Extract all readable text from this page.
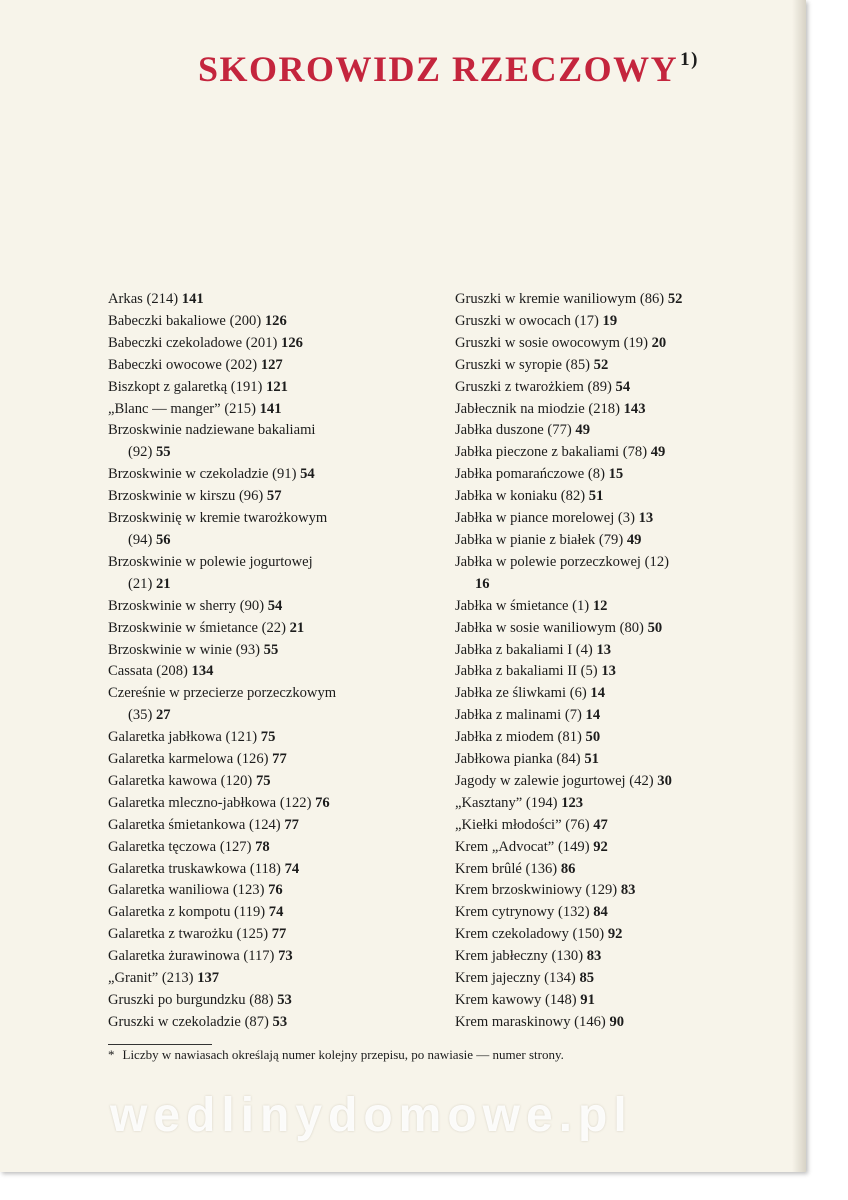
SKOROWIDZ RZECZOWY $^{1)}$
Arkas (214) 141
Babeczki bakaliowe (200) 126
Babeczki czekoladowe (201) 126
Babeczki owocowe (202) 127
Biszkopt z galaretką (191) 121
„Blanc — manger” (215) 141
Brzoskwinie nadziewane bakaliami
(92) 55
Brzoskwinie w czekoladzie (91) 54
Brzoskwinie w kirszu (96) 57
Brzoskwinię w kremie twarożkowym
(94) 56
Brzoskwinie w polewie jogurtowej
(21) 21
Brzoskwinie w sherry (90) 54
Brzoskwinie w śmietance (22) 21
Brzoskwinie w winie (93) 55
Cassata (208) 134
Czereśnie w przecierze porzeczkowym
(35) 27
Galaretka jabłkowa (121) 75
Galaretka karmelowa (126) 77
Galaretka kawowa (120) 75
Galaretka mleczno-jabłkowa (122) 76
Galaretka śmietankowa (124) 77
Galaretka tęczowa (127) 78
Galaretka truskawkowa (118) 74
Galaretka waniliowa (123) 76
Galaretka z kompotu (119) 74
Galaretka z twarożku (125) 77
Galaretka żurawinowa (117) 73
„Granit” (213) 137
Gruszki po burgundzku (88) 53
Gruszki w czekoladzie (87) 53
Gruszki w kremie waniliowym (86) 52
Gruszki w owocach (17) 19
Gruszki w sosie owocowym (19) 20
Gruszki w syropie (85) 52
Gruszki z twarożkiem (89) 54
Jabłecznik na miodzie (218) 143
Jabłka duszone (77) 49
Jabłka pieczone z bakaliami (78) 49
Jabłka pomarańczowe (8) 15
Jabłka w koniaku (82) 51
Jabłka w piance morelowej (3) 13
Jabłka w pianie z białek (79) 49
Jabłka w polewie porzeczkowej (12)
16
Jabłka w śmietance (1) 12
Jabłka w sosie waniliowym (80) 50
Jabłka z bakaliami I (4) 13
Jabłka z bakaliami II (5) 13
Jabłka ze śliwkami (6) 14
Jabłka z malinami (7) 14
Jabłka z miodem (81) 50
Jabłkowa pianka (84) 51
Jagody w zalewie jogurtowej (42) 30
„Kasztany” (194) 123
„Kiełki młodości” (76) 47
Krem „Advocat” (149) 92
Krem brûlé (136) 86
Krem brzoskwiniowy (129) 83
Krem cytrynowy (132) 84
Krem czekoladowy (150) 92
Krem jabłeczny (130) 83
Krem jajeczny (134) 85
Krem kawowy (148) 91
Krem maraskinowy (146) 90

* Liczby w nawiasach określają numer kolejny przepisu, po nawiasie — numer strony.

wedlinydomowe.pl
